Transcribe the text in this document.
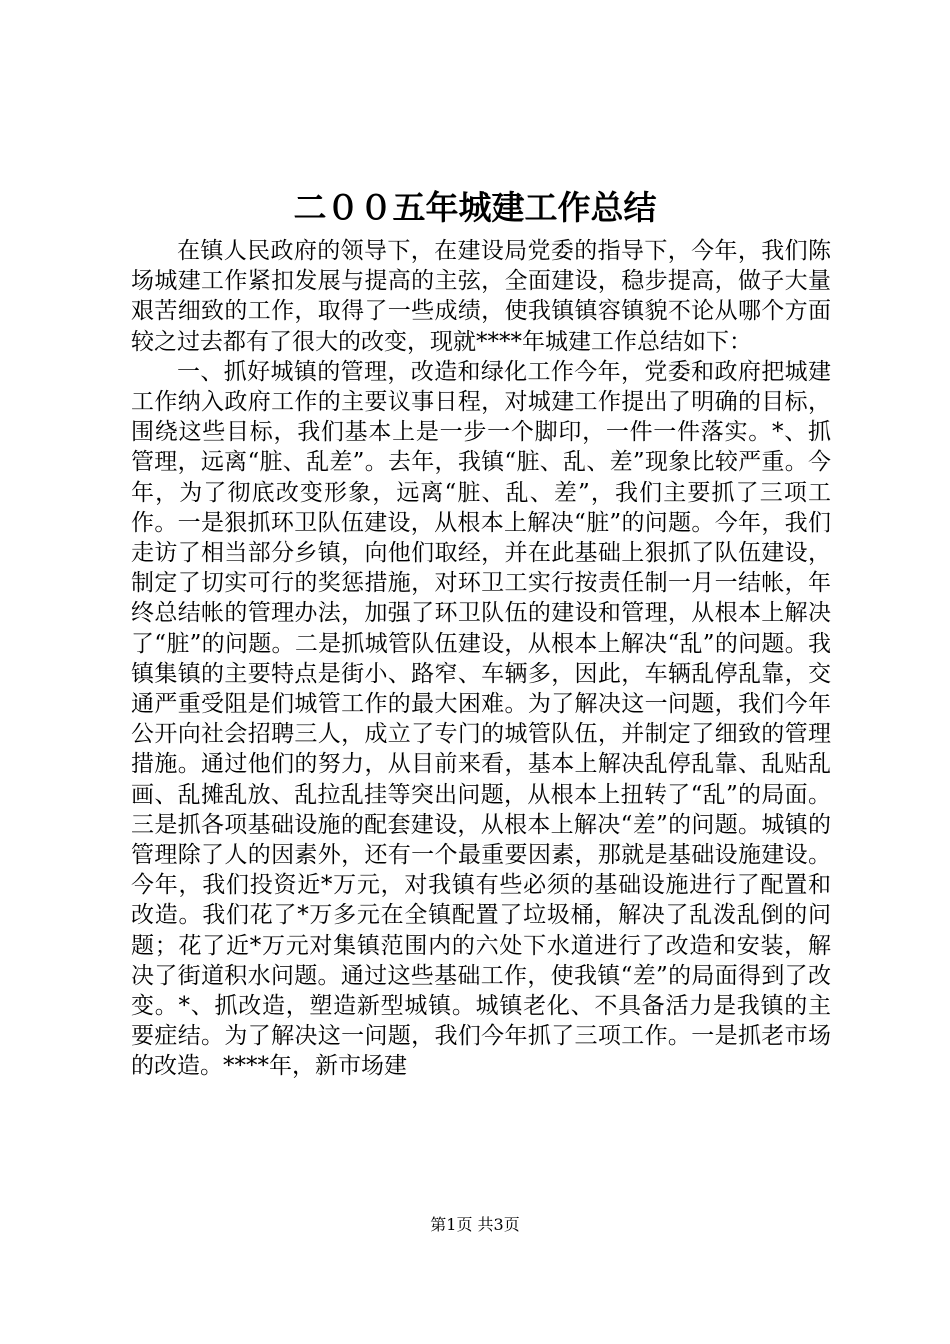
二００五年城建工作总结

在镇人民政府的领导下，在建设局党委的指导下，今年，我们陈场城建工作紧扣发展与提高的主弦，全面建设，稳步提高，做子大量艰苦细致的工作，取得了一些成绩，使我镇镇容镇貌不论从哪个方面较之过去都有了很大的改变，现就****年城建工作总结如下：

一、抓好城镇的管理，改造和绿化工作今年，党委和政府把城建工作纳入政府工作的主要议事日程，对城建工作提出了明确的目标，围绕这些目标，我们基本上是一步一个脚印，一件一件落实。*、抓管理，远离“脏、乱差”。去年，我镇“脏、乱、差”现象比较严重。今年，为了彻底改变形象，远离“脏、乱、差”，我们主要抓了三项工作。一是狠抓环卫队伍建设，从根本上解决“脏”的问题。今年，我们走访了相当部分乡镇，向他们取经，并在此基础上狠抓了队伍建设，制定了切实可行的奖惩措施，对环卫工实行按责任制一月一结帐，年终总结帐的管理办法，加强了环卫队伍的建设和管理，从根本上解决了“脏”的问题。二是抓城管队伍建设，从根本上解决“乱”的问题。我镇集镇的主要特点是街小、路窄、车辆多，因此，车辆乱停乱靠，交通严重受阻是们城管工作的最大困难。为了解决这一问题，我们今年公开向社会招聘三人，成立了专门的城管队伍，并制定了细致的管理措施。通过他们的努力，从目前来看，基本上解决乱停乱靠、乱贴乱画、乱摊乱放、乱拉乱挂等突出问题，从根本上扭转了“乱”的局面。三是抓各项基础设施的配套建设，从根本上解决“差”的问题。城镇的管理除了人的因素外，还有一个最重要因素，那就是基础设施建设。今年，我们投资近*万元，对我镇有些必须的基础设施进行了配置和改造。我们花了*万多元在全镇配置了垃圾桶，解决了乱泼乱倒的问题；花了近*万元对集镇范围内的六处下水道进行了改造和安装，解决了街道积水问题。通过这些基础工作，使我镇“差”的局面得到了改变。*、抓改造，塑造新型城镇。城镇老化、不具备活力是我镇的主要症结。为了解决这一问题，我们今年抓了三项工作。一是抓老市场的改造。****年，新市场建

第1页 共3页
